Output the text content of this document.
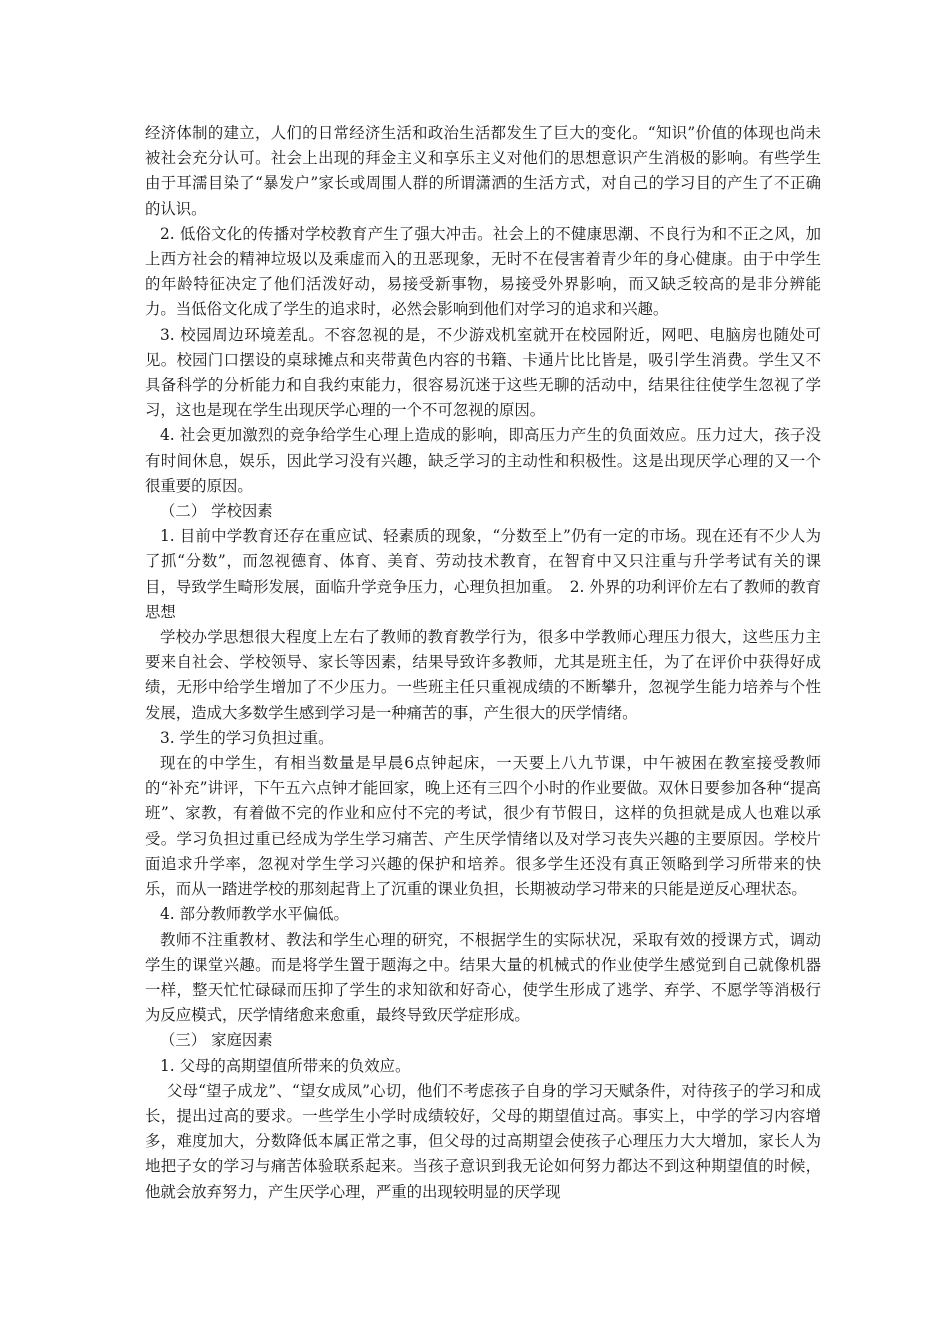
经济体制的建立，人们的日常经济生活和政治生活都发生了巨大的变化。“知识”价值的体现也尚未被社会充分认可。社会上出现的拜金主义和享乐主义对他们的思想意识产生消极的影响。有些学生由于耳濡目染了“暴发户”家长或周围人群的所谓潇洒的生活方式，对自己的学习目的产生了不正确的认识。

2. 低俗文化的传播对学校教育产生了强大冲击。社会上的不健康思潮、不良行为和不正之风，加上西方社会的精神垃圾以及乘虚而入的丑恶现象，无时不在侵害着青少年的身心健康。由于中学生的年龄特征决定了他们活泼好动，易接受新事物，易接受外界影响，而又缺乏较高的是非分辨能力。当低俗文化成了学生的追求时，必然会影响到他们对学习的追求和兴趣。

3. 校园周边环境差乱。不容忽视的是，不少游戏机室就开在校园附近，网吧、电脑房也随处可见。校园门口摆设的桌球摊点和夹带黄色内容的书籍、卡通片比比皆是，吸引学生消费。学生又不具备科学的分析能力和自我约束能力，很容易沉迷于这些无聊的活动中，结果往往使学生忽视了学习，这也是现在学生出现厌学心理的一个不可忽视的原因。

4. 社会更加激烈的竞争给学生心理上造成的影响，即高压力产生的负面效应。压力过大，孩子没有时间休息，娱乐，因此学习没有兴趣，缺乏学习的主动性和积极性。这是出现厌学心理的又一个很重要的原因。

（二） 学校因素

1. 目前中学教育还存在重应试、轻素质的现象，“分数至上”仍有一定的市场。现在还有不少人为了抓“分数”，而忽视德育、体育、美育、劳动技术教育，在智育中又只注重与升学考试有关的课目，导致学生畸形发展，面临升学竞争压力，心理负担加重。　2. 外界的功利评价左右了教师的教育思想

学校办学思想很大程度上左右了教师的教育教学行为，很多中学教师心理压力很大，这些压力主要来自社会、学校领导、家长等因素，结果导致许多教师，尤其是班主任，为了在评价中获得好成绩，无形中给学生增加了不少压力。一些班主任只重视成绩的不断攀升，忽视学生能力培养与个性发展，造成大多数学生感到学习是一种痛苦的事，产生很大的厌学情绪。

3. 学生的学习负担过重。

现在的中学生，有相当数量是早晨6点钟起床，一天要上八九节课，中午被困在教室接受教师的“补充”讲评，下午五六点钟才能回家，晚上还有三四个小时的作业要做。双休日要参加各种“提高班”、家教，有着做不完的作业和应付不完的考试，很少有节假日，这样的负担就是成人也难以承受。学习负担过重已经成为学生学习痛苦、产生厌学情绪以及对学习丧失兴趣的主要原因。学校片面追求升学率，忽视对学生学习兴趣的保护和培养。很多学生还没有真正领略到学习所带来的快乐，而从一踏进学校的那刻起背上了沉重的课业负担，长期被动学习带来的只能是逆反心理状态。

4. 部分教师教学水平偏低。

教师不注重教材、教法和学生心理的研究，不根据学生的实际状况，采取有效的授课方式，调动学生的课堂兴趣。而是将学生置于题海之中。结果大量的机械式的作业使学生感觉到自己就像机器一样，整天忙忙碌碌而压抑了学生的求知欲和好奇心，使学生形成了逃学、弃学、不愿学等消极行为反应模式，厌学情绪愈来愈重，最终导致厌学症形成。

（三） 家庭因素

1. 父母的高期望值所带来的负效应。

父母“望子成龙”、“望女成凤”心切，他们不考虑孩子自身的学习天赋条件，对待孩子的学习和成长，提出过高的要求。一些学生小学时成绩较好，父母的期望值过高。事实上，中学的学习内容增多，难度加大，分数降低本属正常之事，但父母的过高期望会使孩子心理压力大大增加，家长人为地把子女的学习与痛苦体验联系起来。当孩子意识到我无论如何努力都达不到这种期望值的时候，他就会放弃努力，产生厌学心理，严重的出现较明显的厌学现
